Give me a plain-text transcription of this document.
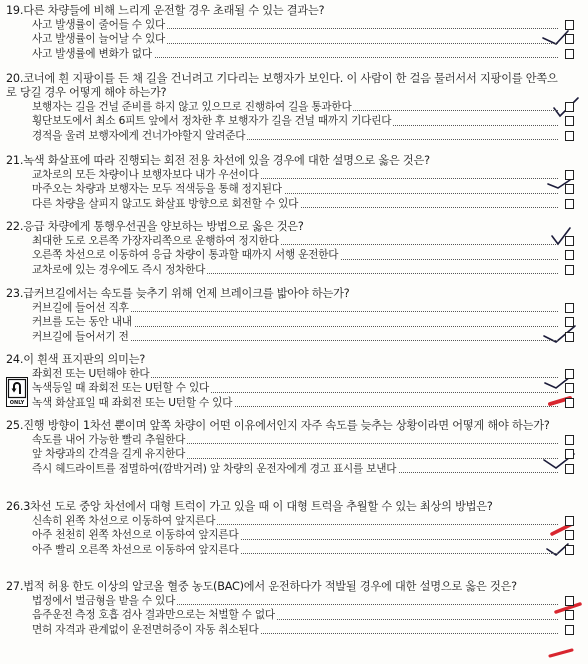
19.다른 차량들에 비해 느리게 운전할 경우 초래될 수 있는 결과는?
사고 발생률이 줄어들 수 있다
사고 발생률이 늘어날 수 있다
사고 발생률에 변화가 없다
20.코너에 흰 지팡이를 든 채 길을 건너려고 기다리는 보행자가 보인다. 이 사람이 한 걸음 물러서서 지팡이를 안쪽으로 당길 경우 어떻게 해야 하는가?
보행자는 길을 건널 준비를 하지 않고 있으므로 진행하여 길을 통과한다
횡단보도에서 최소 6피트 앞에서 정차한 후 보행자가 길을 건널 때까지 기다린다
경적을 울려 보행자에게 건너가야할지 알려준다
21.녹색 화살표에 따라 진행되는 회전 전용 차선에 있을 경우에 대한 설명으로 옳은 것은?
교차로의 모든 차량이나 보행자보다 내가 우선이다
마주오는 차량과 보행자는 모두 적색등을 통해 정지된다
다른 차량을 살피지 않고도 화살표 방향으로 회전할 수 있다
22.응급 차량에게 통행우선권을 양보하는 방법으로 옳은 것은?
최대한 도로 오른쪽 가장자리쪽으로 운행하여 정지한다
오른쪽 차선으로 이동하여 응급 차량이 통과할 때까지 서행 운전한다
교차로에 있는 경우에도 즉시 정차한다
23.급커브길에서는 속도를 늦추기 위해 언제 브레이크를 밟아야 하는가?
커브길에 들어선 직후
커브를 도는 동안 내내
커브길에 들어서기 전
24.이 흰색 표지판의 의미는?
좌회전 또는 U턴해야 한다
녹색등일 때 좌회전 또는 U턴할 수 있다
녹색 화살표일 때 좌회전 또는 U턴할 수 있다
ONLY
25.진행 방향이 1차선 뿐이며 앞쪽 차량이 어떤 이유에서인지 자주 속도를 늦추는 상황이라면 어떻게 해야 하는가?
속도를 내어 가능한 빨리 추월한다
앞 차량과의 간격을 길게 유지한다
즉시 헤드라이트를 점멸하여(깜박거려) 앞 차량의 운전자에게 경고 표시를 보낸다
26.3차선 도로 중앙 차선에서 대형 트럭이 가고 있을 때 이 대형 트럭을 추월할 수 있는 최상의 방법은?
신속히 왼쪽 차선으로 이동하여 앞지른다
아주 천천히 왼쪽 차선으로 이동하여 앞지른다
아주 빨리 오른쪽 차선으로 이동하여 앞지른다
27.법적 허용 한도 이상의 알코올 혈중 농도(BAC)에서 운전하다가 적발될 경우에 대한 설명으로 옳은 것은?
법정에서 벌금형을 받을 수 있다
음주운전 측정 호흡 검사 결과만으로는 처벌할 수 없다
면허 자격과 관계없이 운전면허증이 자동 취소된다
